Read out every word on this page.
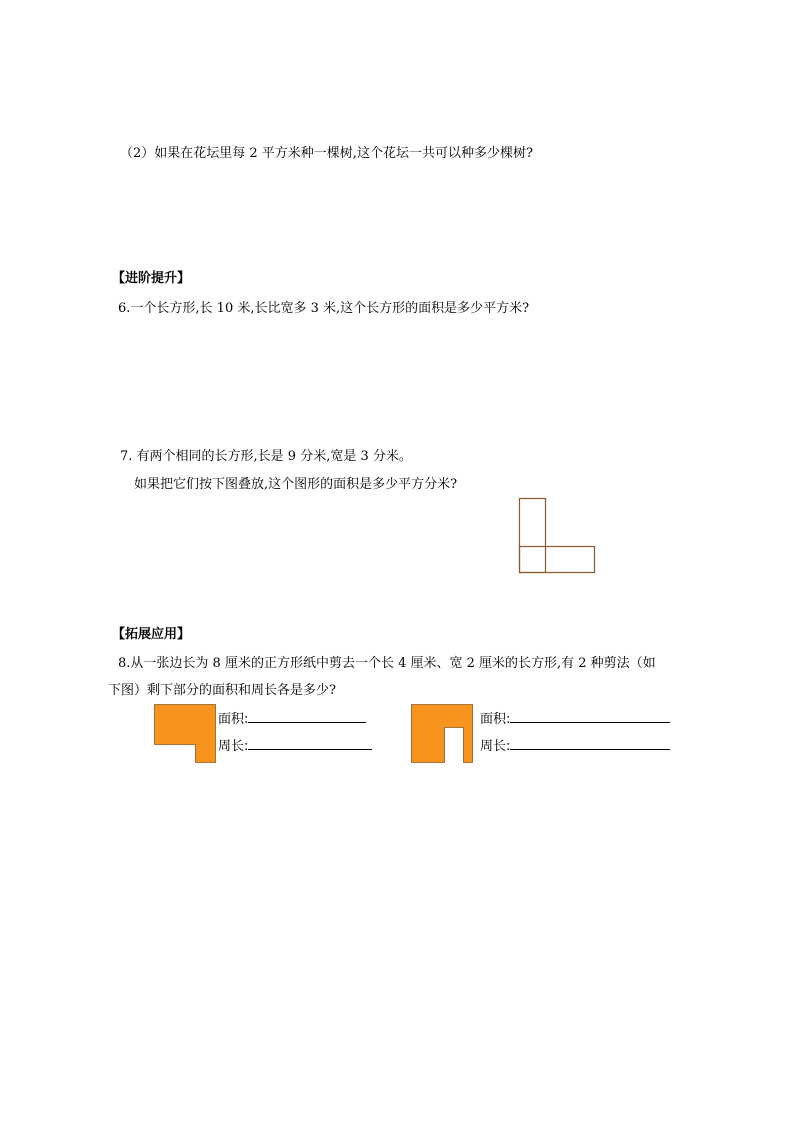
（2）如果在花坛里每 2 平方米种一棵树,这个花坛一共可以种多少棵树?
【进阶提升】
6.一个长方形,长 10 米,长比宽多 3 米,这个长方形的面积是多少平方米?
7. 有两个相同的长方形,长是 9 分米,宽是 3 分米。
如果把它们按下图叠放,这个图形的面积是多少平方分米?
【拓展应用】
8.从一张边长为 8 厘米的正方形纸中剪去一个长 4 厘米、宽 2 厘米的长方形,有 2 种剪法（如
下图）剩下部分的面积和周长各是多少?
面积:
周长:
面积:
周长:
